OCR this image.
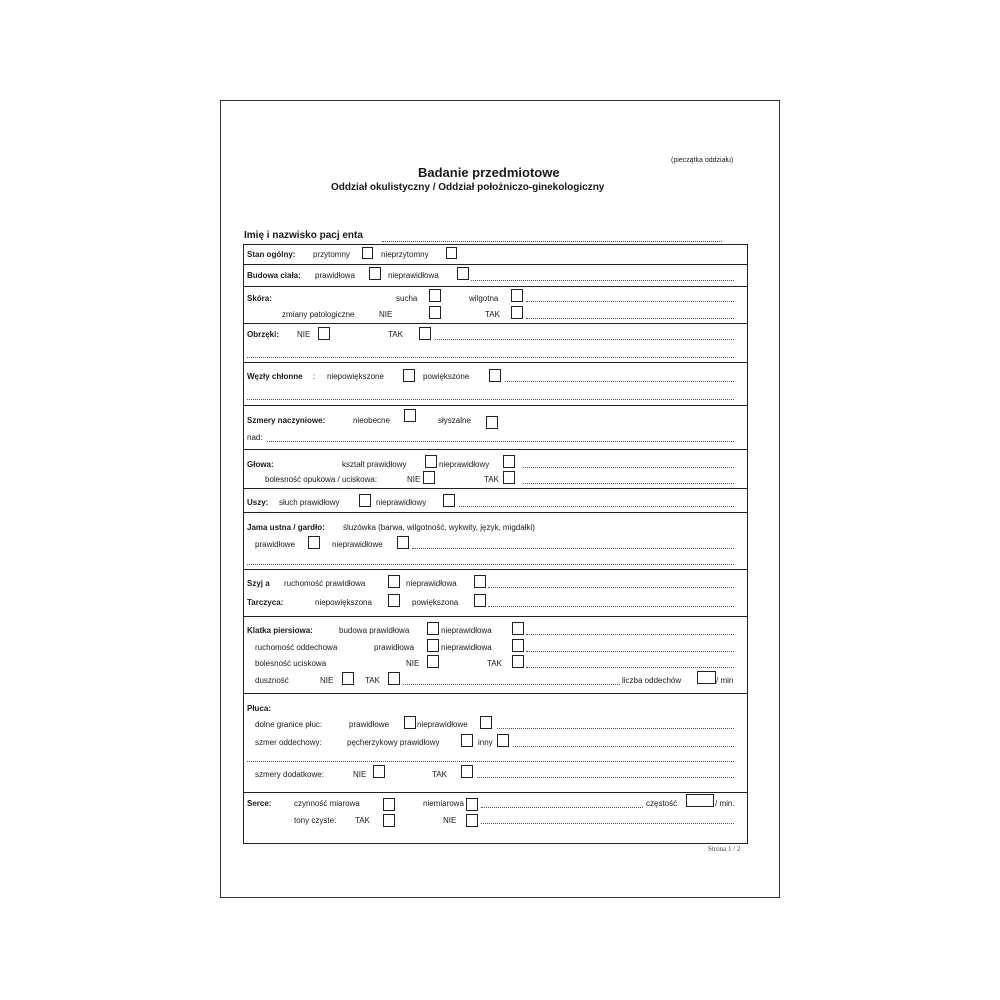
(pieczątka oddziału)
Badanie przedmiotowe
Oddział okulistyczny / Oddział położniczo-ginekologiczny
Imię i nazwisko pacj enta
Stan ogólny: przytomny	nieprzytomny
Budowa ciała: prawidłowa	nieprawidłowa
Skóra:	sucha	wilgotna
zmiany patologiczne	NIE	TAK
Obrzęki: NIE	TAK
Węzły chłonne : niepowiększone	powiększone
Szmery naczyniowe:	nieobecne	słyszalne
nad:
Głowa:	kształt prawidłowy	nieprawidłowy
bolesność opukowa / uciskowa:	NIE	TAK
Uszy: słuch prawidłowy	nieprawidłowy
Jama ustna / gardło: śluzówka (barwa, wilgotność, wykwity, język, migdałki)
prawidłowe	nieprawidłowe
Szyj a ruchomość prawidłowa	nieprawidłowa
Tarczyca:	niepowiększona	powiększona
Klatka piersiowa:	budowa prawidłowa	nieprawidłowa
ruchomość oddechowa	prawidłowa	nieprawidłowa
bolesność uciskowa	NIE	TAK
duszność	NIE	TAK	liczba oddechów	/ min
Płuca:
dolne granice płuc:	prawidłowe	nieprawidłowe
szmer oddechowy:	pęcherzykowy prawidłowy	inny
szmery dodatkowe:	NIE	TAK
Serce:	czynność miarowa	niemiarowa	częstość	/ min.
tony czyste: TAK	NIE
Strona 1 / 2
